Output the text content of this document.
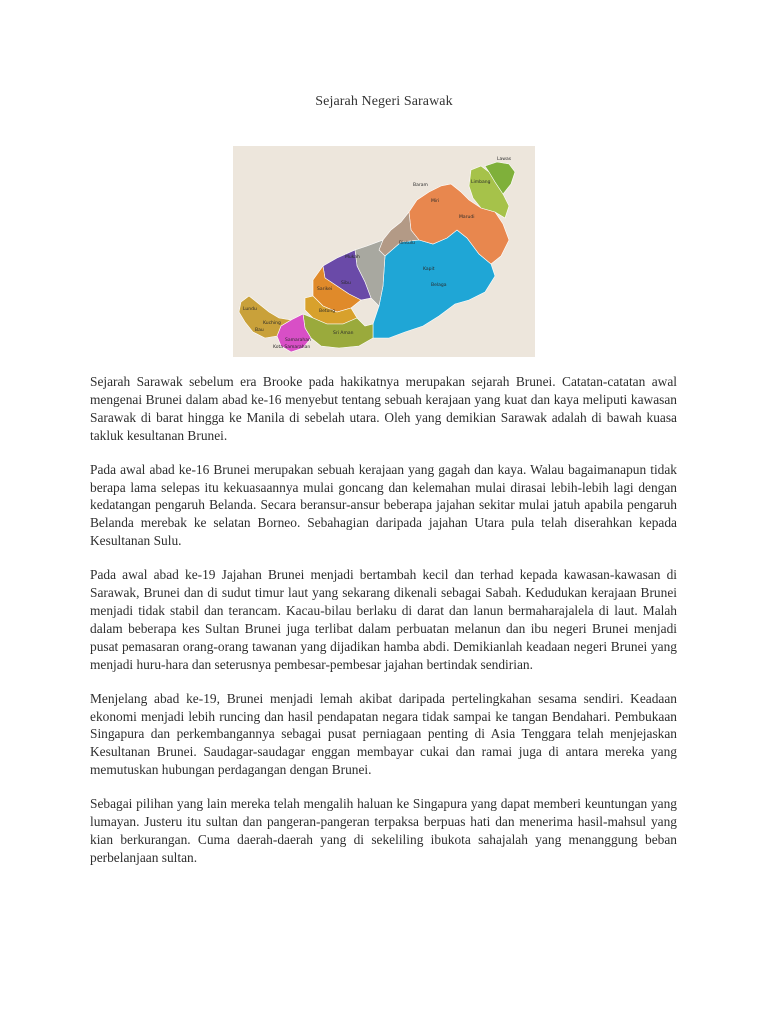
Sejarah Negeri Sarawak
Lawas
Limbang
Miri
Bintulu
Mukah
Sarikei
Sibu
Betong
Kapit
Sri Aman
Samarahan
Kuching
Lundu
Bau
Kota Samarahan
Marudi
Belaga
Baram

Sejarah Sarawak sebelum era Brooke pada hakikatnya merupakan sejarah Brunei. Catatan-catatan awal mengenai Brunei dalam abad ke-16 menyebut tentang sebuah kerajaan yang kuat dan kaya meliputi kawasan Sarawak di barat hingga ke Manila di sebelah utara. Oleh yang demikian Sarawak adalah di bawah kuasa takluk kesultanan Brunei.

Pada awal abad ke-16 Brunei merupakan sebuah kerajaan yang gagah dan kaya. Walau bagaimanapun tidak berapa lama selepas itu kekuasaannya mulai goncang dan kelemahan mulai dirasai lebih-lebih lagi dengan kedatangan pengaruh Belanda. Secara beransur-ansur beberapa jajahan sekitar mulai jatuh apabila pengaruh Belanda merebak ke selatan Borneo. Sebahagian daripada jajahan Utara pula telah diserahkan kepada Kesultanan Sulu.

Pada awal abad ke-19 Jajahan Brunei menjadi bertambah kecil dan terhad kepada kawasan-kawasan di Sarawak, Brunei dan di sudut timur laut yang sekarang dikenali sebagai Sabah. Kedudukan kerajaan Brunei menjadi tidak stabil dan terancam. Kacau-bilau berlaku di darat dan lanun bermaharajalela di laut. Malah dalam beberapa kes Sultan Brunei juga terlibat dalam perbuatan melanun dan ibu negeri Brunei menjadi pusat pemasaran orang-orang tawanan yang dijadikan hamba abdi. Demikianlah keadaan negeri Brunei yang menjadi huru-hara dan seterusnya pembesar-pembesar jajahan bertindak sendirian.

Menjelang abad ke-19, Brunei menjadi lemah akibat daripada pertelingkahan sesama sendiri. Keadaan ekonomi menjadi lebih runcing dan hasil pendapatan negara tidak sampai ke tangan Bendahari. Pembukaan Singapura dan perkembangannya sebagai pusat perniagaan penting di Asia Tenggara telah menjejaskan Kesultanan Brunei. Saudagar-saudagar enggan membayar cukai dan ramai juga di antara mereka yang memutuskan hubungan perdagangan dengan Brunei.

Sebagai pilihan yang lain mereka telah mengalih haluan ke Singapura yang dapat memberi keuntungan yang lumayan. Justeru itu sultan dan pangeran-pangeran terpaksa berpuas hati dan menerima hasil-mahsul yang kian berkurangan. Cuma daerah-daerah yang di sekeliling ibukota sahajalah yang menanggung beban perbelanjaan sultan.
